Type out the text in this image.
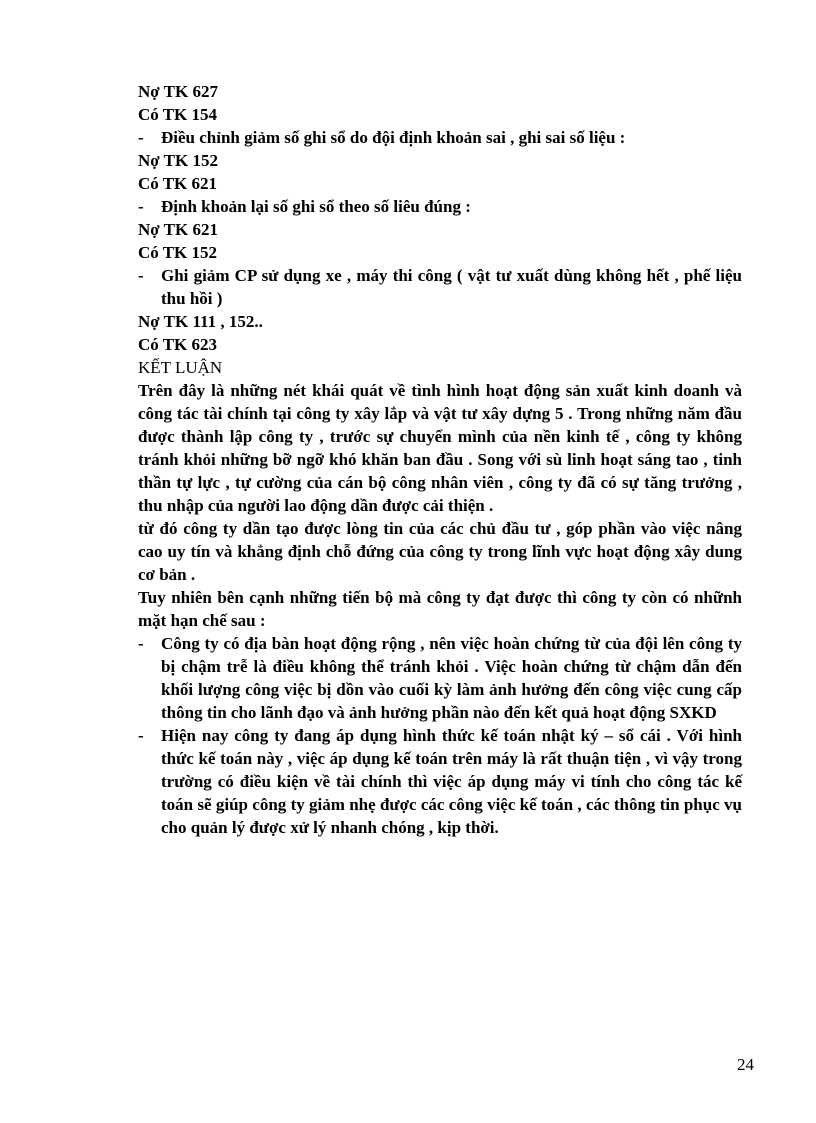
Nợ TK 627

Có TK 154

- Điều chỉnh giảm số ghi sổ do đội định khoản sai , ghi sai số liệu :

Nợ TK 152

Có TK 621

- Định khoản lại số ghi sổ theo số liêu đúng :

Nợ TK 621

Có TK 152

- Ghi giảm CP sử dụng xe , máy thi công ( vật tư xuất dùng không hết , phế liệu thu hồi )

Nợ TK 111 , 152..

Có TK 623

KẾT LUẬN

Trên đây là những nét khái quát về tình hình hoạt động sản xuất kinh doanh và công tác tài chính tại công ty xây lắp và vật tư xây dựng 5 . Trong những năm đầu được thành lập công ty , trước sự chuyển mình của nền kinh tế , công ty không tránh khỏi những bỡ ngỡ khó khăn ban đầu . Song với sù linh hoạt sáng tao , tinh thần tự lực , tự cường của cán bộ công nhân viên , công ty đã có sự tăng trưởng , thu nhập của người lao động dần được cải thiện .

từ đó công ty dần tạo được lòng tin của các chủ đầu tư , góp phần vào việc nâng cao uy tín và khẳng định chỗ đứng của công ty trong lĩnh vực hoạt động xây dung cơ bản .

Tuy nhiên bên cạnh những tiến bộ mà công ty đạt được thì công ty còn có nhữnh mặt hạn chế sau :

- Công ty có địa bàn hoạt động rộng , nên việc hoàn chứng từ của đội lên công ty bị chậm trễ là điều không thể tránh khỏi . Việc hoàn chứng từ chậm dẫn đến khối lượng công việc bị dồn vào cuối kỳ làm ảnh hưởng đến công việc cung cấp thông tin cho lãnh đạo và ảnh hưởng phần nào đến kết quả hoạt động SXKD

- Hiện nay công ty đang áp dụng hình thức kế toán nhật ký – sổ cái . Với hình thức kế toán này , việc áp dụng kế toán trên máy là rất thuận tiện , vì vậy trong trường có điều kiện về tài chính thì việc áp dụng máy vi tính cho công tác kế toán sẽ giúp công ty giảm nhẹ được các công việc kế toán , các thông tin phục vụ cho quản lý được xử lý nhanh chóng , kịp thời.

24
